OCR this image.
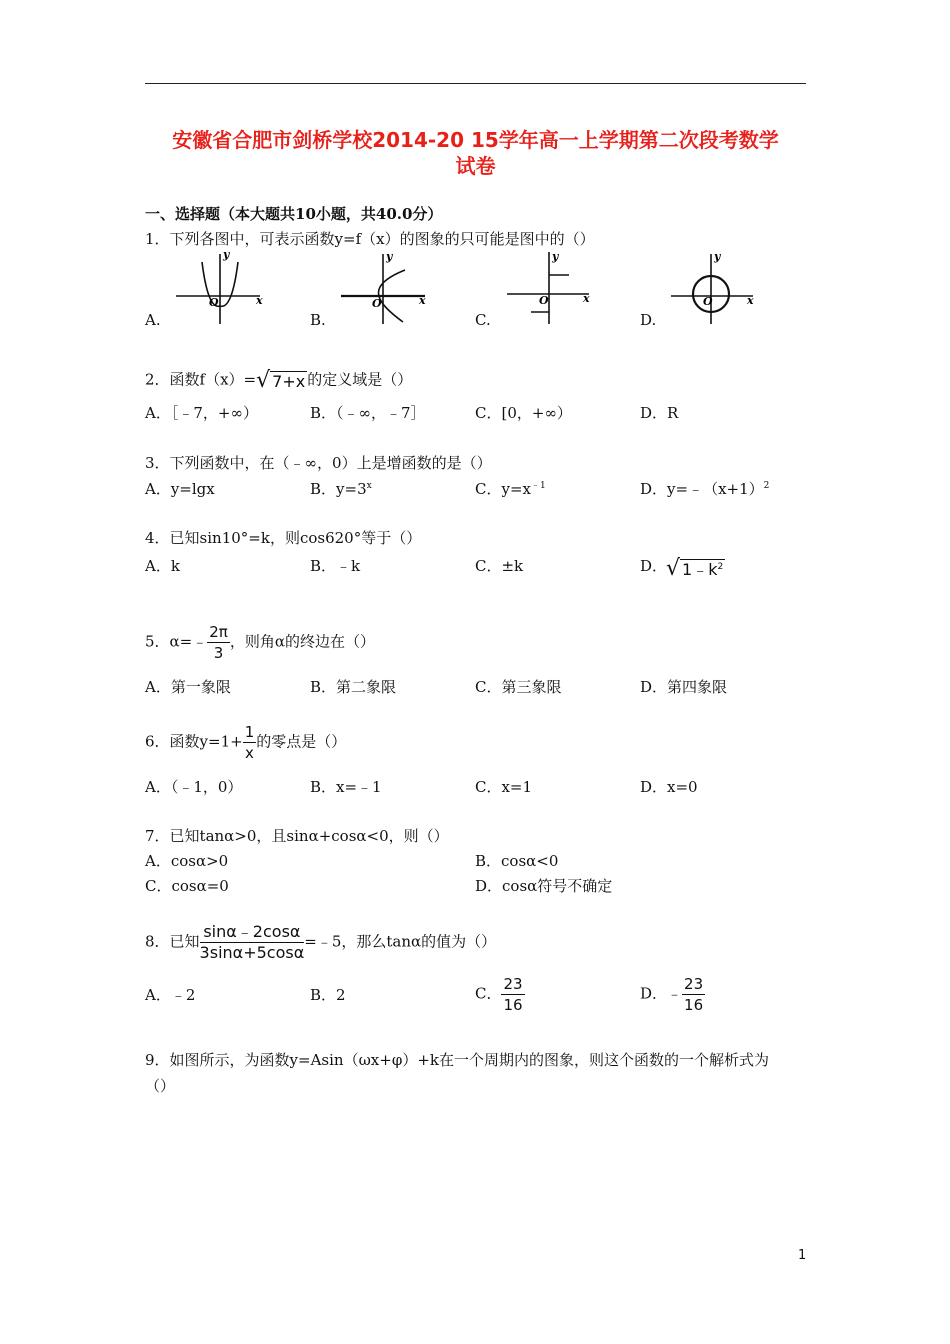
安徽省合肥市剑桥学校2014-20 15学年高一上学期第二次段考数学
试卷
一、选择题（本大题共10小题，共40.0分）
1．下列各图中，可表示函数y=f（x）的图象的只可能是图中的（）
y
x
O
A.
y
x
O
B.
y
x
O
C.
y
x
O
D.
2．函数f（x）=√ 7+x 的定义域是（）
A．［﹣7，+∞）	B．（﹣∞，﹣7］	C．[0，+∞）	D．R
3．下列函数中，在（﹣∞，0）上是增函数的是（）
A．y=lgx	B．$y=3^x$	C．$y=x^{﹣1}$	D．$y=﹣(x+1)^2$
4．已知sin10°=k，则cos620°等于（）
A．k	B．﹣k	C．±k	D．
√ $1﹣k^2$
5．α=﹣ $\frac{2\pi}{3}$ ，则角α的终边在（）
A．第一象限	B．第二象限	C．第三象限	D．第四象限
6．函数$y=1+ \frac{1}{x}$ 的零点是（）
A．（﹣1，0）	B．x=﹣1	C．x=1	D．x=0
7．已知tanα>0，且sinα+cosα<0，则（）
A．cosα>0	B．cosα<0
C．cosα=0	D．cosα符号不确定
8．已知 $\frac{\sin\alpha﹣2\cos\alpha}{3\sin\alpha+5\cos\alpha}$ =﹣5，那么tanα的值为（）
A．﹣2	B．2	C． $\frac{23}{16}$	D．﹣ $\frac{23}{16}$
9．如图所示，为函数y=Asin（ωx+φ）+k在一个周期内的图象，则这个函数的一个解析式为
（）
1
